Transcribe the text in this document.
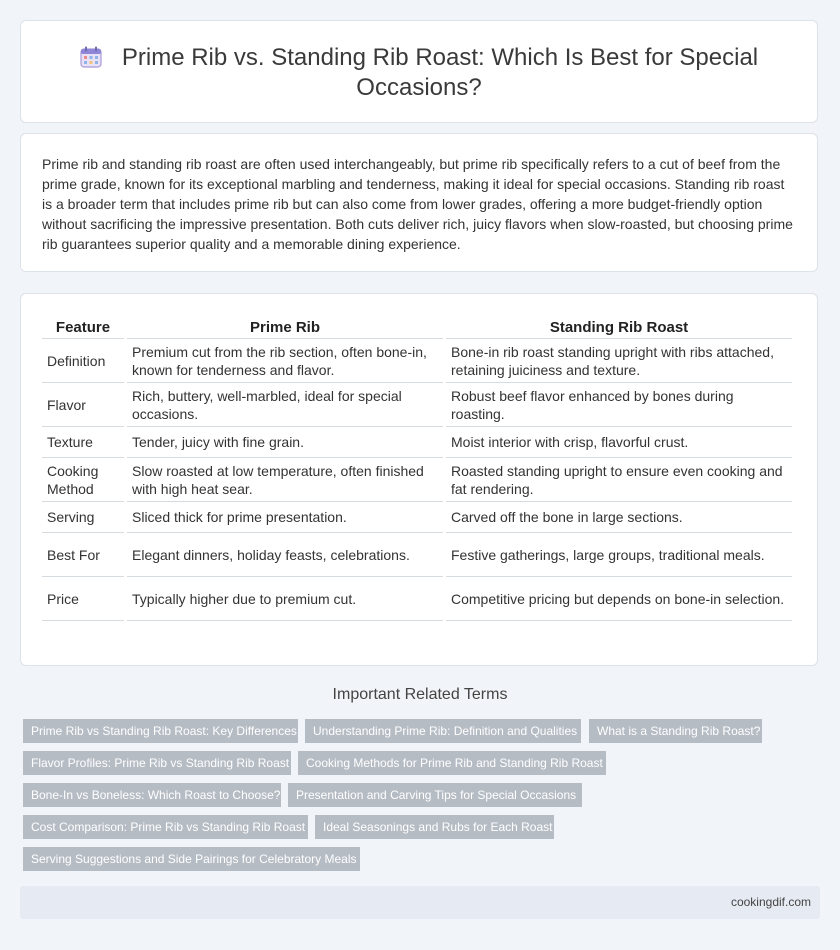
Prime Rib vs. Standing Rib Roast: Which Is Best for Special Occasions?
Prime rib and standing rib roast are often used interchangeably, but prime rib specifically refers to a cut of beef from the prime grade, known for its exceptional marbling and tenderness, making it ideal for special occasions. Standing rib roast is a broader term that includes prime rib but can also come from lower grades, offering a more budget-friendly option without sacrificing the impressive presentation. Both cuts deliver rich, juicy flavors when slow-roasted, but choosing prime rib guarantees superior quality and a memorable dining experience.
Feature	Prime Rib	Standing Rib Roast
Definition	Premium cut from the rib section, often bone-in, known for tenderness and flavor.	Bone-in rib roast standing upright with ribs attached, retaining juiciness and texture.
Flavor	Rich, buttery, well-marbled, ideal for special occasions.	Robust beef flavor enhanced by bones during roasting.
Texture	Tender, juicy with fine grain.	Moist interior with crisp, flavorful crust.
Cooking Method	Slow roasted at low temperature, often finished with high heat sear.	Roasted standing upright to ensure even cooking and fat rendering.
Serving	Sliced thick for prime presentation.	Carved off the bone in large sections.
Best For	Elegant dinners, holiday feasts, celebrations.	Festive gatherings, large groups, traditional meals.
Price	Typically higher due to premium cut.	Competitive pricing but depends on bone-in selection.
Important Related Terms
Prime Rib vs Standing Rib Roast: Key Differences	Understanding Prime Rib: Definition and Qualities	What is a Standing Rib Roast?
Flavor Profiles: Prime Rib vs Standing Rib Roast	Cooking Methods for Prime Rib and Standing Rib Roast
Bone-In vs Boneless: Which Roast to Choose?	Presentation and Carving Tips for Special Occasions
Cost Comparison: Prime Rib vs Standing Rib Roast	Ideal Seasonings and Rubs for Each Roast
Serving Suggestions and Side Pairings for Celebratory Meals
cookingdif.com
